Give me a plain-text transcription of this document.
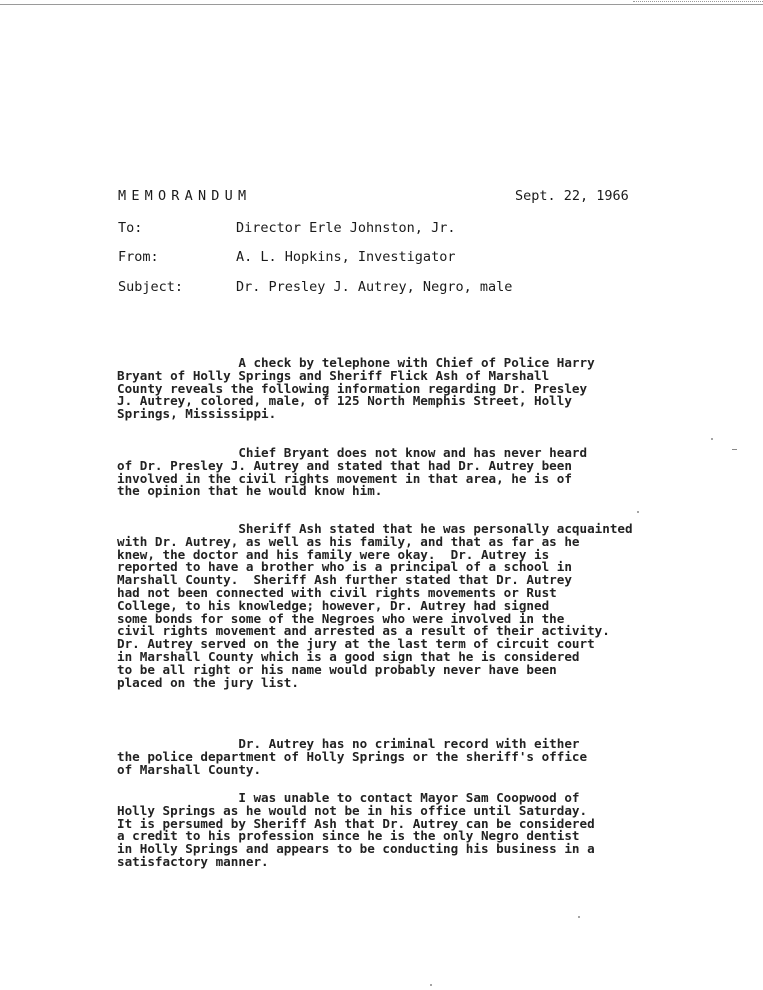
MEMORANDUM	Sept. 22, 1966
To:	Director Erle Johnston, Jr.
From:	A. L. Hopkins, Investigator
Subject:	Dr. Presley J. Autrey, Negro, male
A check by telephone with Chief of Police Harry
Bryant of Holly Springs and Sheriff Flick Ash of Marshall
County reveals the following information regarding Dr. Presley
J. Autrey, colored, male, of 125 North Memphis Street, Holly
Springs, Mississippi.
Chief Bryant does not know and has never heard
of Dr. Presley J. Autrey and stated that had Dr. Autrey been
involved in the civil rights movement in that area, he is of
the opinion that he would know him.
Sheriff Ash stated that he was personally acquainted
with Dr. Autrey, as well as his family, and that as far as he
knew, the doctor and his family were okay.  Dr. Autrey is
reported to have a brother who is a principal of a school in
Marshall County.  Sheriff Ash further stated that Dr. Autrey
had not been connected with civil rights movements or Rust
College, to his knowledge; however, Dr. Autrey had signed
some bonds for some of the Negroes who were involved in the
civil rights movement and arrested as a result of their activity.
Dr. Autrey served on the jury at the last term of circuit court
in Marshall County which is a good sign that he is considered
to be all right or his name would probably never have been
placed on the jury list.
Dr. Autrey has no criminal record with either
the police department of Holly Springs or the sheriff's office
of Marshall County.
I was unable to contact Mayor Sam Coopwood of
Holly Springs as he would not be in his office until Saturday.
It is persumed by Sheriff Ash that Dr. Autrey can be considered
a credit to his profession since he is the only Negro dentist
in Holly Springs and appears to be conducting his business in a
satisfactory manner.
